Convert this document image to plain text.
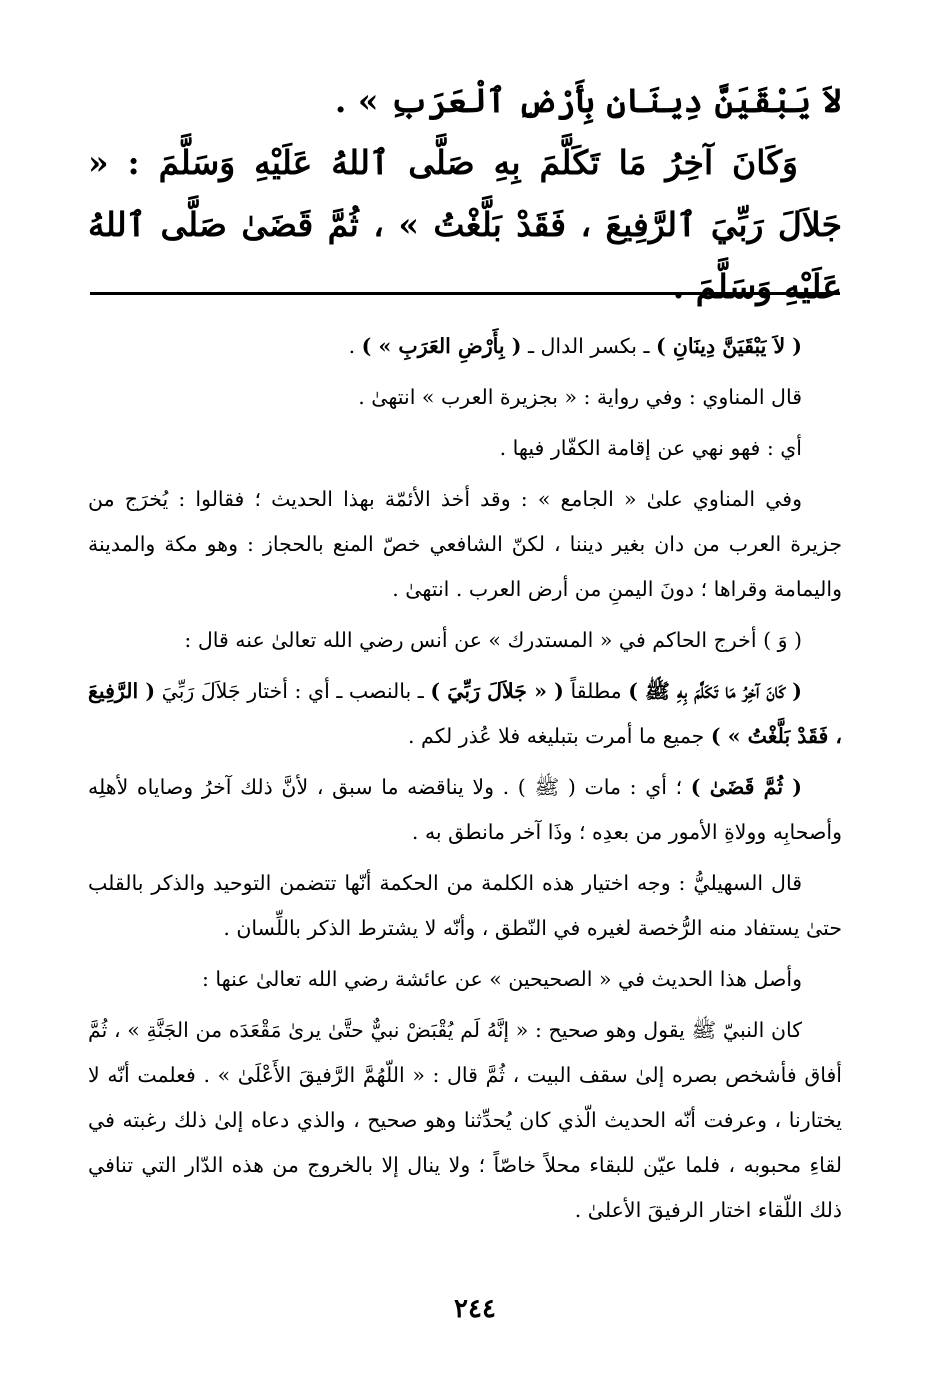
لاَ يَبْقَيَنَّ دِينَانِ بِأَرْضِ ٱلْعَرَبِ » .

وَكَانَ آخِرُ مَا تَكَلَّمَ بِهِ صَلَّى ٱللهُ عَلَيْهِ وَسَلَّمَ : « جَلاَلَ رَبِّيَ ٱلرَّفِيعَ ، فَقَدْ بَلَّغْتُ » ، ثُمَّ قَضَىٰ صَلَّى ٱللهُ عَلَيْهِ وَسَلَّمَ .

( لاَ يَبْقَيَنَّ دِينَانِ ) ـ بكسر الدال ـ ( بِأَرْضِ العَرَبِ » ) .

قال المناوي : وفي رواية : « بجزيرة العرب » انتهىٰ .

أي : فهو نهي عن إقامة الكفّار فيها .

وفي المناوي علىٰ « الجامع » : وقد أخذ الأئمّة بهذا الحديث ؛ فقالوا : يُخرَج من جزيرة العرب من دان بغير ديننا ، لكنّ الشافعي خصّ المنع بالحجاز : وهو مكة والمدينة واليمامة وقراها ؛ دونَ اليمنِ من أرض العرب . انتهىٰ .

( وَ ) أخرج الحاكم في « المستدرك » عن أنس رضي الله تعالىٰ عنه قال :

( كَانَ آخِرُ مَا تَكَلَّمَ بِهِ ﷺ ) مطلقاً ( « جَلاَلَ رَبِّيَ ) ـ بالنصب ـ أي : أختار جَلاَلَ رَبِّيَ ( الرَّفِيعَ ، فَقَدْ بَلَّغْتُ » ) جميع ما أمرت بتبليغه فلا عُذر لكم .

( ثُمَّ قَضَىٰ ) ؛ أي : مات ( ﷺ ) . ولا يناقضه ما سبق ، لأنَّ ذلك آخرُ وصاياه لأهلِه وأصحابِه وولاةِ الأمور من بعدِه ؛ وذَا آخر مانطق به .

قال السهيليُّ : وجه اختيار هذه الكلمة من الحكمة أنّها تتضمن التوحيد والذكر بالقلب حتىٰ يستفاد منه الرُّخصة لغيره في النّطق ، وأنّه لا يشترط الذكر باللِّسان .

وأصل هذا الحديث في « الصحيحين » عن عائشة رضي الله تعالىٰ عنها :

كان النبيّ ﷺ يقول وهو صحيح : « إنَّهُ لَم يُقْبَضْ نبيٌّ حتَّىٰ يرىٰ مَقْعَدَه من الجَنَّةِ » ، ثُمَّ أفاق فأشخص بصره إلىٰ سقف البيت ، ثُمَّ قال : « اللّهُمَّ الرَّفيقَ الأَعْلَىٰ » . فعلمت أنّه لا يختارنا ، وعرفت أنّه الحديث الّذي كان يُحدِّثنا وهو صحيح ، والذي دعاه إلىٰ ذلك رغبته في لقاءِ محبوبه ، فلما عيّن للبقاء محلاً خاصّاً ؛ ولا ينال إلا بالخروج من هذه الدّار التي تنافي ذلك اللّقاء اختار الرفيقَ الأعلىٰ .

٢٤٤
